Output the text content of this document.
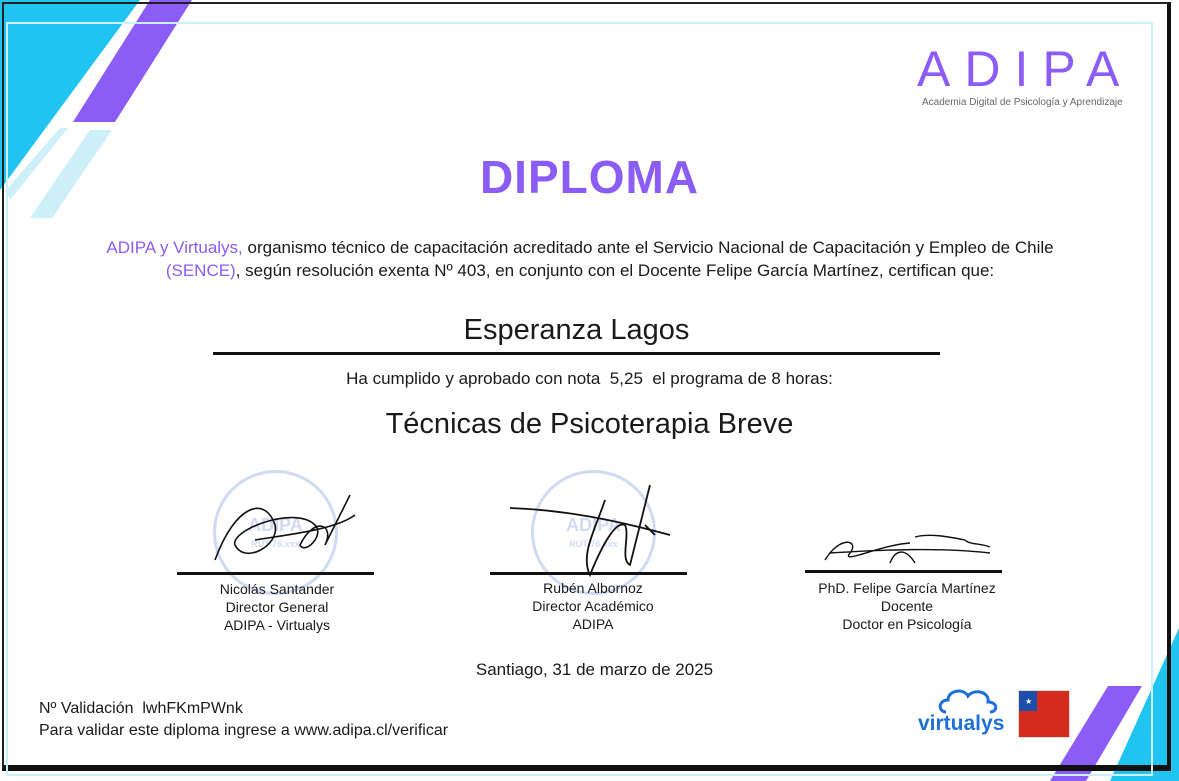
ADIPA
Academia Digital de Psicología y Aprendizaje
DIPLOMA
ADIPA y Virtualys, organismo técnico de capacitación acreditado ante el Servicio Nacional de Capacitación y Empleo de Chile (SENCE), según resolución exenta Nº 403, en conjunto con el Docente Felipe García Martínez, certifican que:
Esperanza Lagos
Ha cumplido y aprobado con nota  5,25  el programa de 8 horas:
Técnicas de Psicoterapia Breve
ADIPA
RUT 76.xxx
ADIPA
RUT 76.xxx
Nicolás Santander
Director General
ADIPA - Virtualys
Rubén Albornoz
Director Académico
ADIPA
PhD. Felipe García Martínez
Docente
Doctor en Psicología
Santiago, 31 de marzo de 2025
Nº Validación lwhFKmPWnk
Para validar este diploma ingrese a www.adipa.cl/verificar	virtualys
★
